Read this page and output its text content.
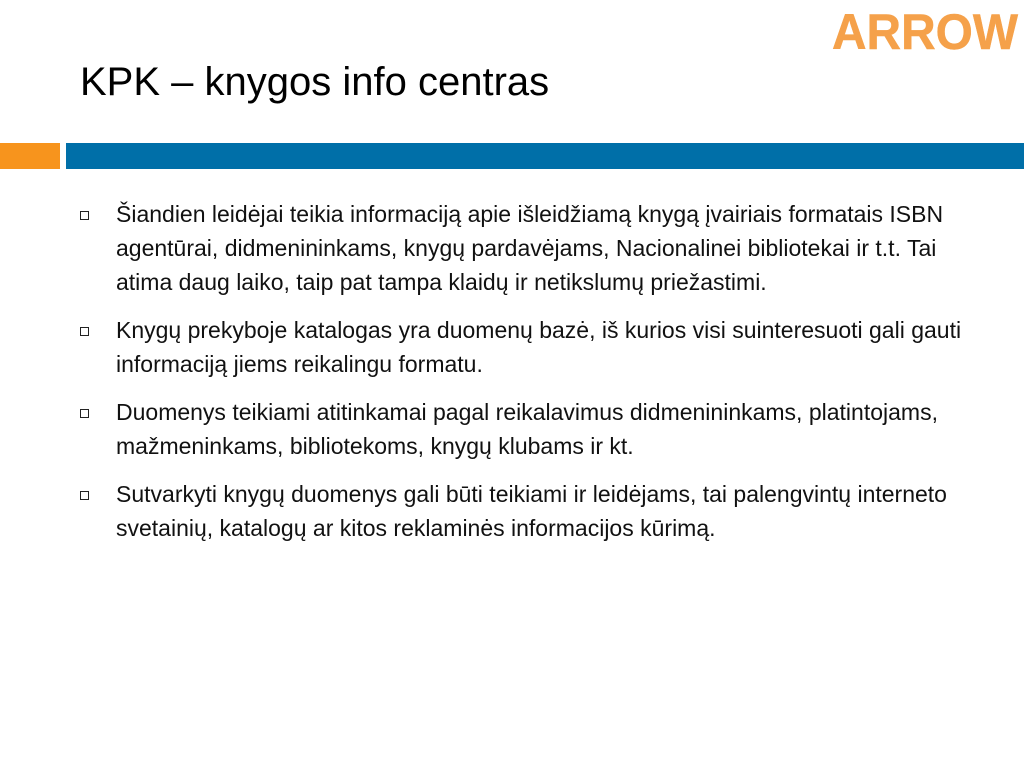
ARROW
KPK – knygos info centras
Šiandien leidėjai teikia informaciją apie išleidžiamą knygą įvairiais formatais ISBN agentūrai, didmenininkams, knygų pardavėjams, Nacionalinei bibliotekai ir t.t. Tai atima daug laiko, taip pat tampa klaidų ir netikslumų priežastimi.
Knygų prekyboje katalogas yra duomenų bazė, iš kurios visi suinteresuoti gali gauti informaciją jiems reikalingu formatu.
Duomenys teikiami atitinkamai pagal reikalavimus didmenininkams, platintojams, mažmeninkams, bibliotekoms, knygų klubams ir kt.
Sutvarkyti knygų duomenys gali būti teikiami ir leidėjams, tai palengvintų interneto svetainių, katalogų ar kitos reklaminės informacijos kūrimą.
